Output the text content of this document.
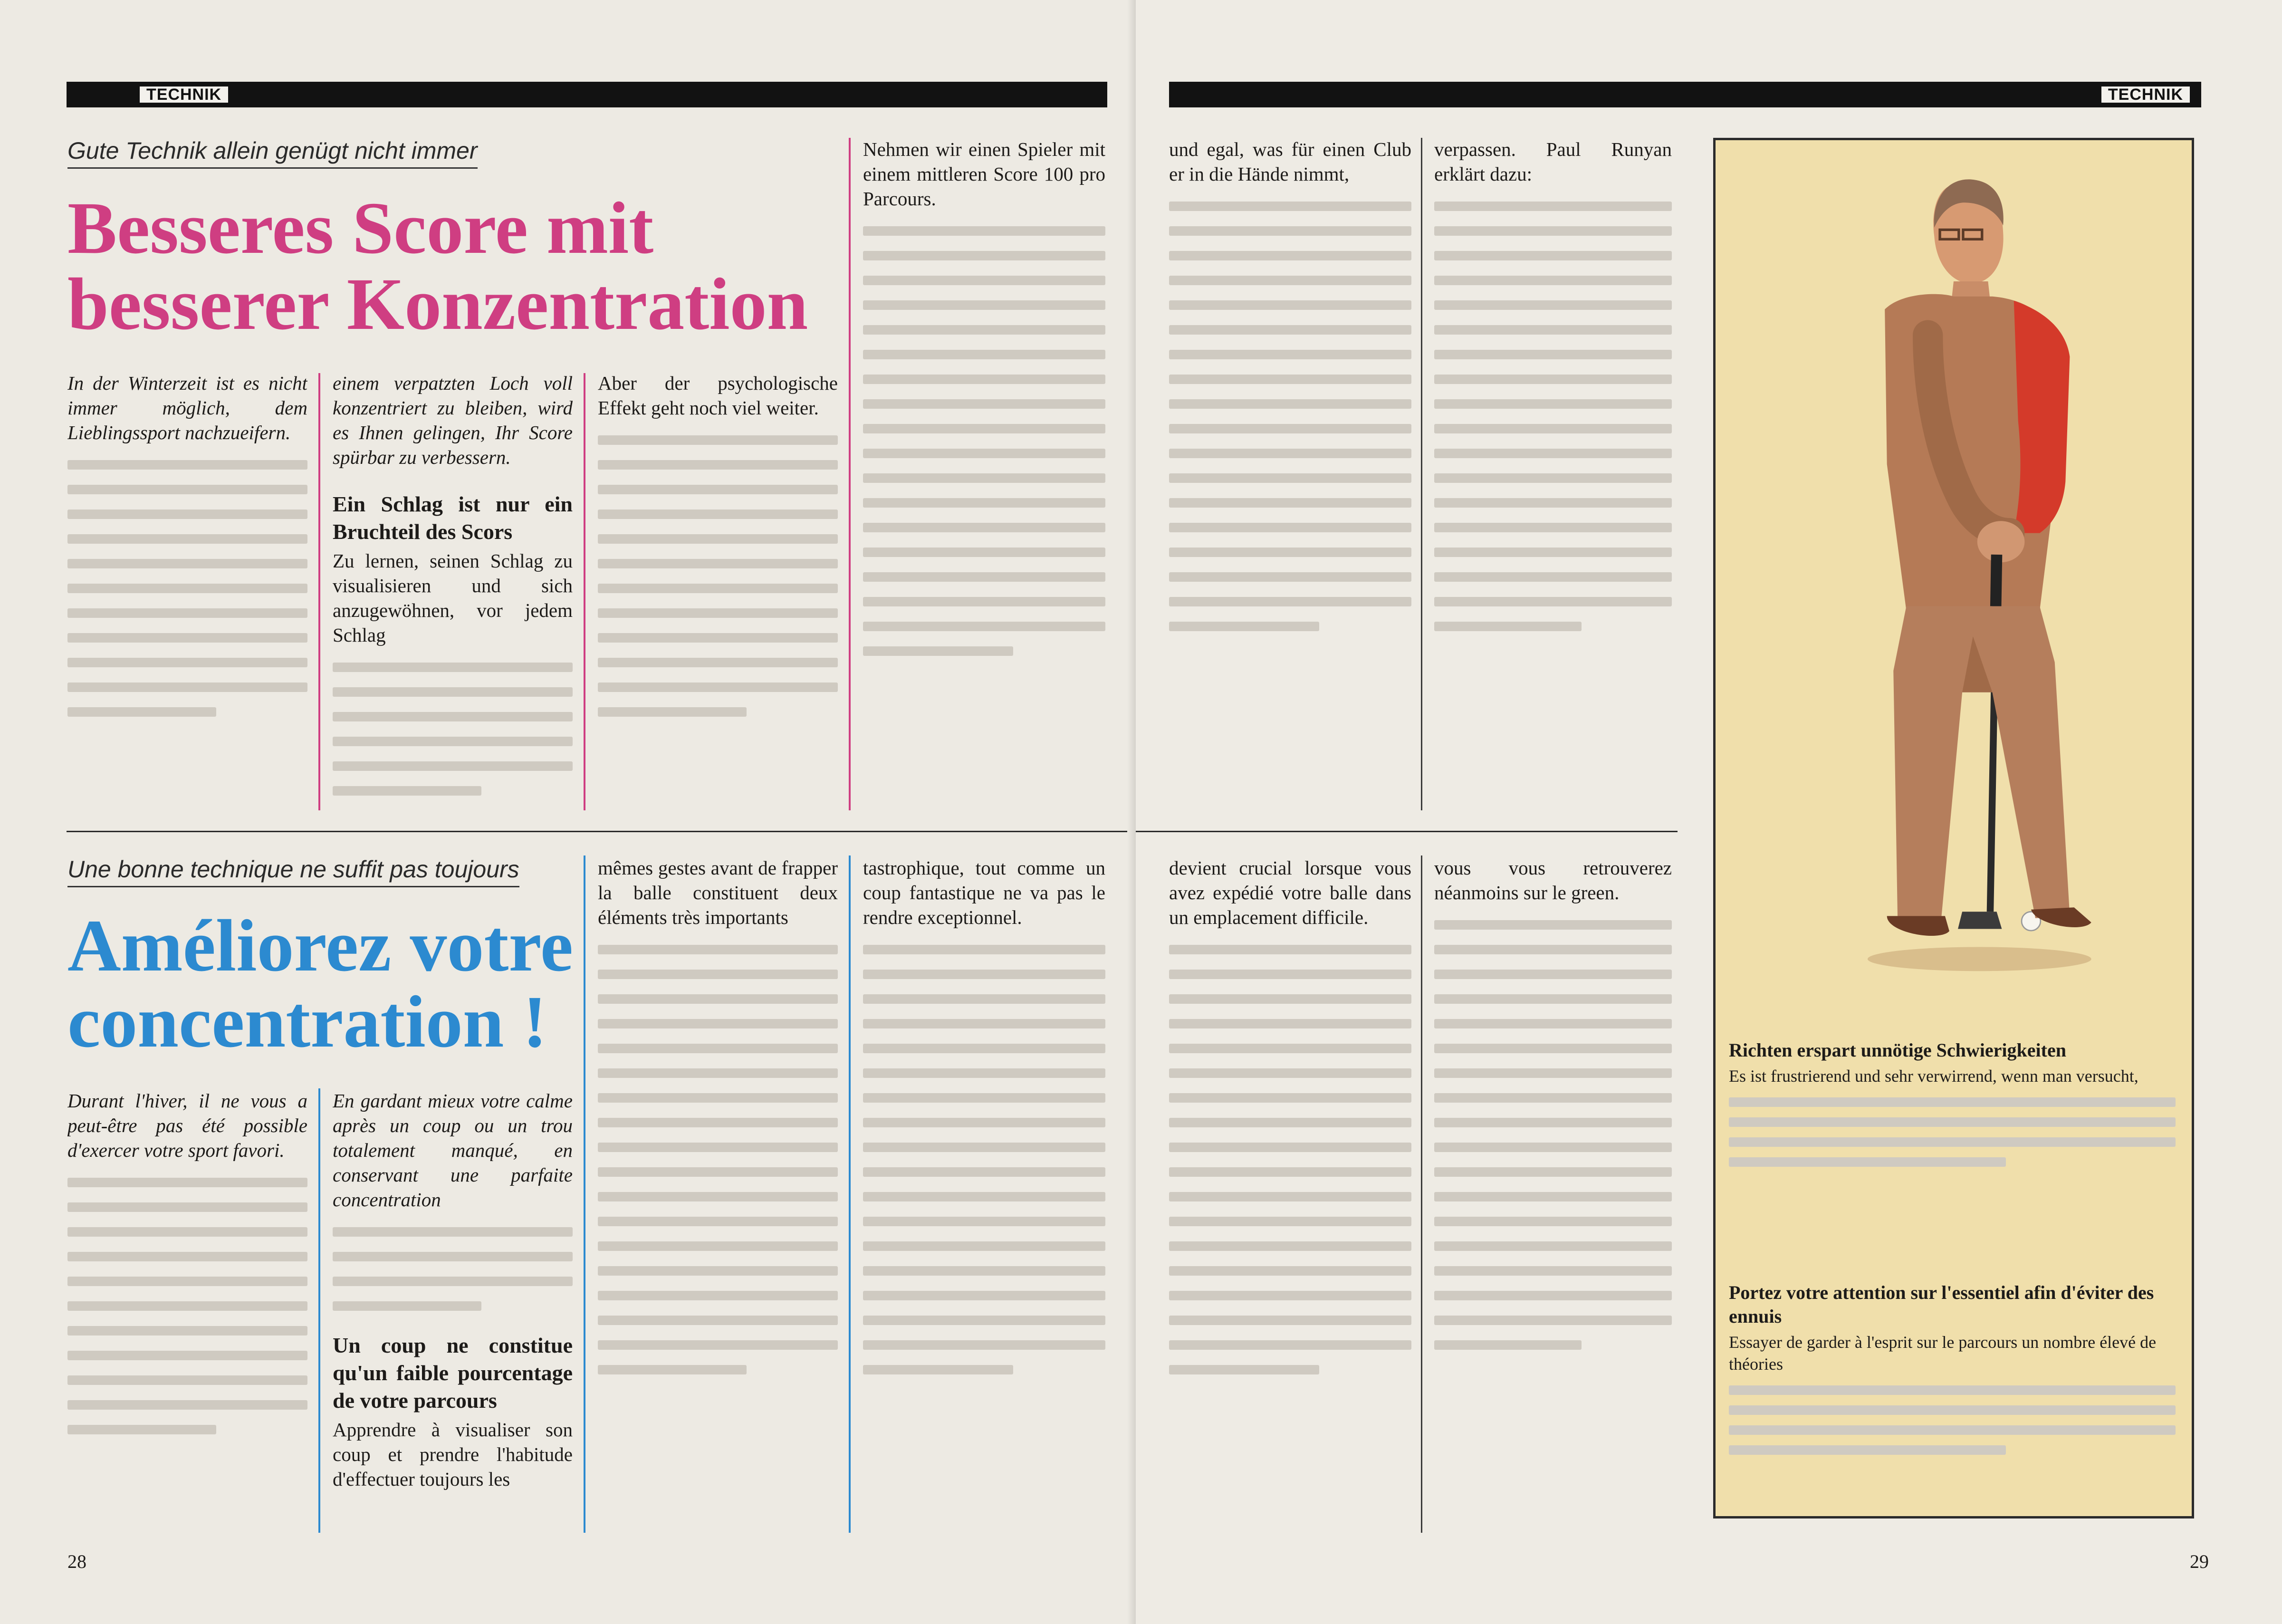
TECHNIK
Gute Technik allein genügt nicht immer
Besseres Score mit
besserer Konzentration

In der Winterzeit ist es nicht immer möglich, dem Lieblingssport nachzueifern.

einem verpatzten Loch voll konzentriert zu bleiben, wird es Ihnen gelingen, Ihr Score spürbar zu verbessern.

Ein Schlag ist nur ein Bruchteil des Scors

Zu lernen, seinen Schlag zu visualisieren und sich anzugewöhnen, vor jedem Schlag

Aber der psychologische Effekt geht noch viel weiter.

Nehmen wir einen Spieler mit einem mittleren Score 100 pro Parcours.

Une bonne technique ne suffit pas toujours
Améliorez votre
concentration !

Durant l'hiver, il ne vous a peut-être pas été possible d'exercer votre sport favori.

En gardant mieux votre calme après un coup ou un trou totalement manqué, en conservant une parfaite concentration

Un coup ne constitue qu'un faible pourcentage de votre parcours

Apprendre à visualiser son coup et prendre l'habitude d'effectuer toujours les

mêmes gestes avant de frapper la balle constituent deux éléments très importants

tastrophique, tout comme un coup fantastique ne va pas le rendre exceptionnel.

28
TECHNIK

und egal, was für einen Club er in die Hände nimmt,

verpassen. Paul Runyan erklärt dazu:

devient crucial lorsque vous avez expédié votre balle dans un emplacement difficile.

vous vous retrouverez néanmoins sur le green.

29
Richten erspart unnötige Schwierigkeiten

Es ist frustrierend und sehr verwirrend, wenn man versucht,

Portez votre attention sur l'essentiel afin d'éviter des ennuis

Essayer de garder à l'esprit sur le parcours un nombre élevé de théories
